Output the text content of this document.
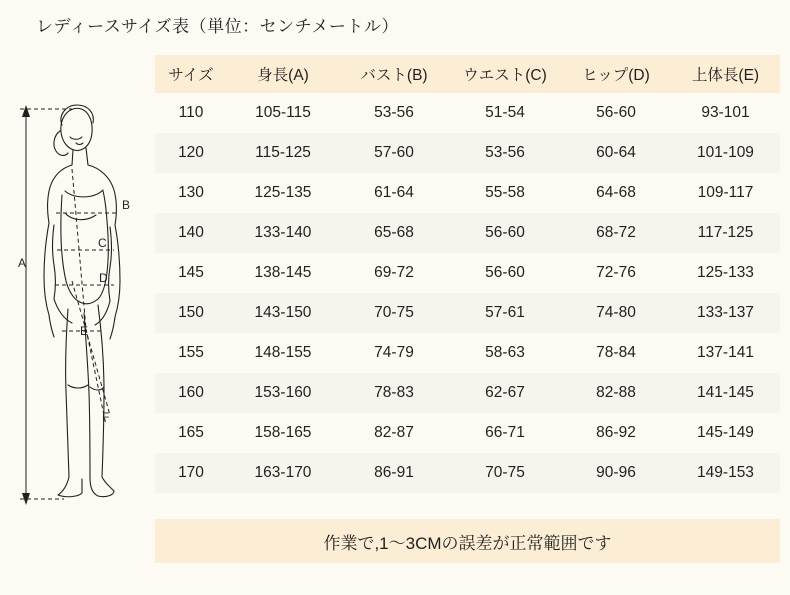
レディースサイズ表（単位：センチメートル）
A
B
C
D
E
F
サイズ	身長(A)	バスト(B)	ウエスト(C)	ヒップ(D)	上体長(E)
110	105-115	53-56	51-54	56-60	93-101
120	115-125	57-60	53-56	60-64	101-109
130	125-135	61-64	55-58	64-68	109-117
140	133-140	65-68	56-60	68-72	117-125
145	138-145	69-72	56-60	72-76	125-133
150	143-150	70-75	57-61	74-80	133-137
155	148-155	74-79	58-63	78-84	137-141
160	153-160	78-83	62-67	82-88	141-145
165	158-165	82-87	66-71	86-92	145-149
170	163-170	86-91	70-75	90-96	149-153
作業で,1～3CMの誤差が正常範囲です
